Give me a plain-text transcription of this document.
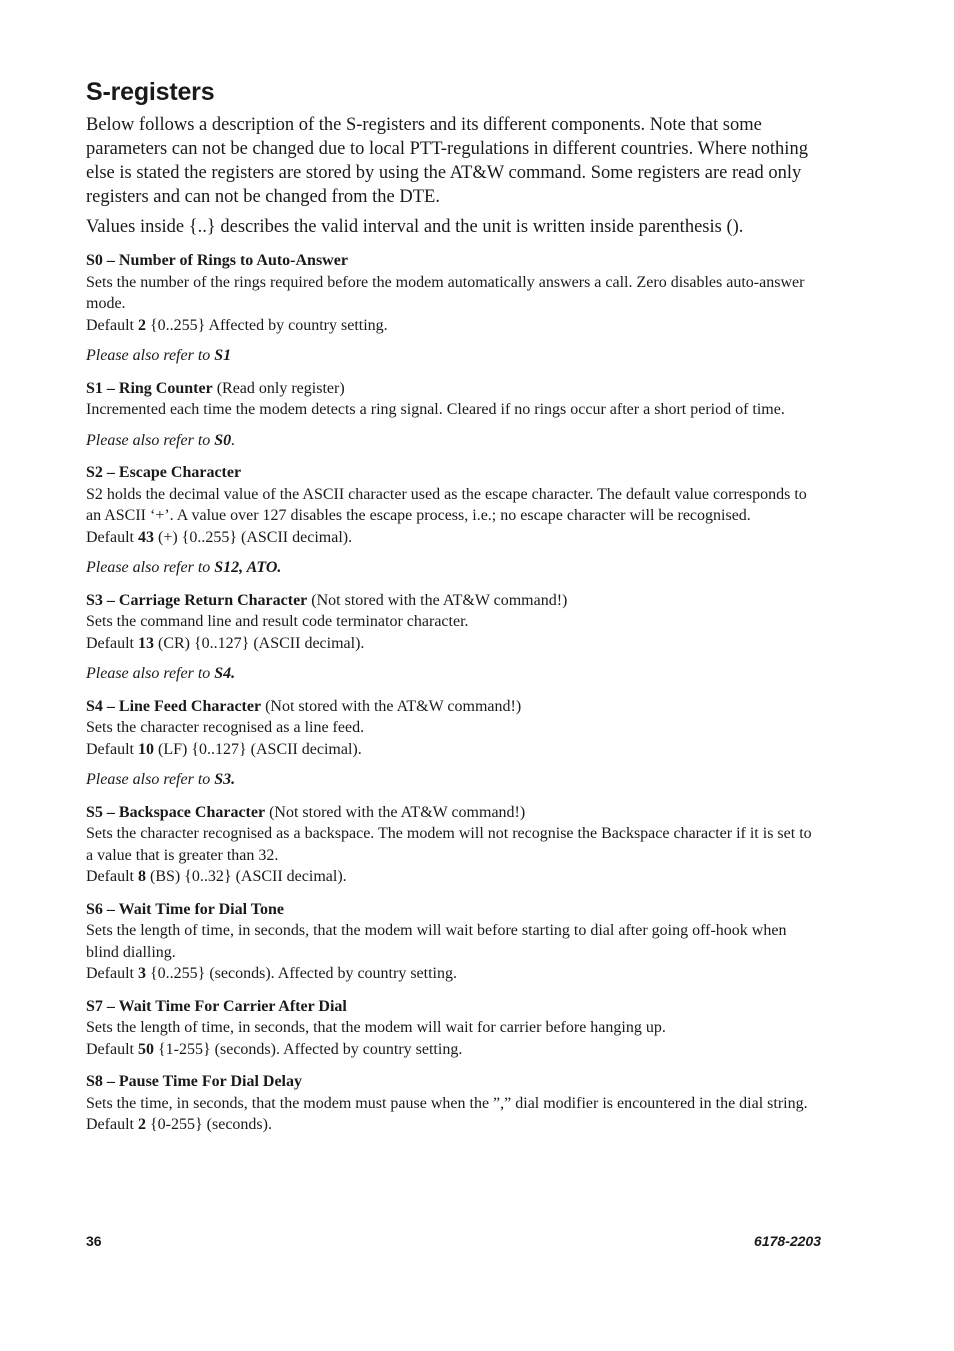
S-registers

Below follows a description of the S-registers and its different components. Note that some parameters can not be changed due to local PTT-regulations in different countries. Where nothing else is stated the registers are stored by using the AT&W command. Some registers are read only registers and can not be changed from the DTE.

Values inside {..} describes the valid interval and the unit is written inside parenthesis ().

S0 – Number of Rings to Auto-Answer

Sets the number of the rings required before the modem automatically answers a call. Zero disables auto-answer mode.

Default 2 {0..255} Affected by country setting.

Please also refer to S1

S1 – Ring Counter (Read only register)

Incremented each time the modem detects a ring signal. Cleared if no rings occur after a short period of time.

Please also refer to S0.

S2 – Escape Character

S2 holds the decimal value of the ASCII character used as the escape character. The default value corresponds to an ASCII ‘+’. A value over 127 disables the escape process, i.e.; no escape character will be recognised.

Default 43 (+) {0..255} (ASCII decimal).

Please also refer to S12, ATO.

S3 – Carriage Return Character (Not stored with the AT&W command!)

Sets the command line and result code terminator character.

Default 13 (CR) {0..127} (ASCII decimal).

Please also refer to S4.

S4 – Line Feed Character (Not stored with the AT&W command!)

Sets the character recognised as a line feed.

Default 10 (LF) {0..127} (ASCII decimal).

Please also refer to S3.

S5 – Backspace Character (Not stored with the AT&W command!)

Sets the character recognised as a backspace. The modem will not recognise the Backspace character if it is set to a value that is greater than 32.

Default 8 (BS) {0..32} (ASCII decimal).

S6 – Wait Time for Dial Tone

Sets the length of time, in seconds, that the modem will wait before starting to dial after going off-hook when blind dialling.

Default 3 {0..255} (seconds). Affected by country setting.

S7 – Wait Time For Carrier After Dial

Sets the length of time, in seconds, that the modem will wait for carrier before hanging up.

Default 50 {1-255} (seconds). Affected by country setting.

S8 – Pause Time For Dial Delay

Sets the time, in seconds, that the modem must pause when the ”,” dial modifier is encountered in the dial string.

Default 2 {0-255} (seconds).

36	6178-2203
